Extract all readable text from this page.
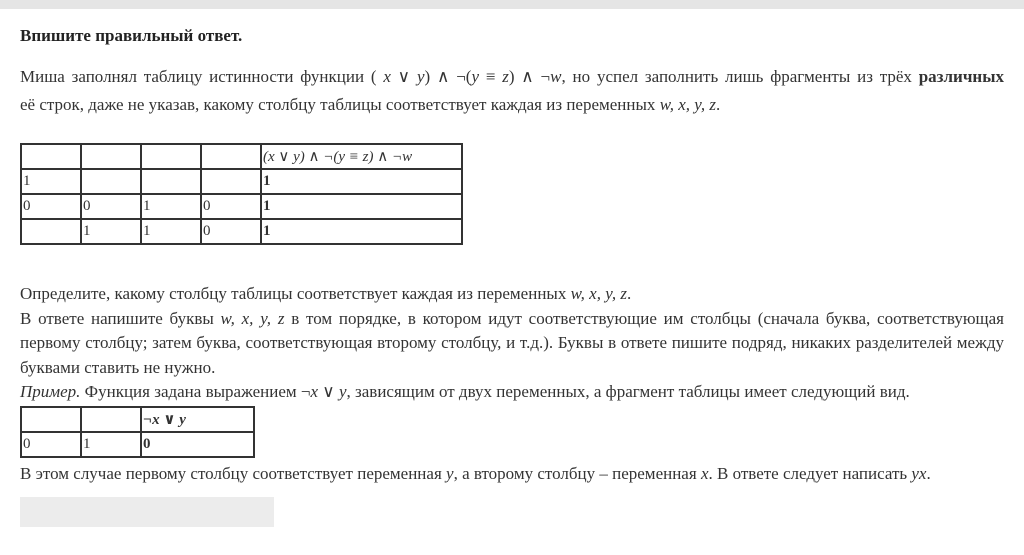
Впишите правильный ответ.
Миша заполнял таблицу истинности функции ( x ∨ y) ∧ ¬(y ≡ z) ∧ ¬w, но успел заполнить лишь фрагменты из трёх различных
её строк, даже не указав, какому столбцу таблицы соответствует каждая из переменных w, x, y, z.
				(x ∨ y) ∧ ¬(y ≡ z) ∧ ¬w
1				1
0	0	1	0	1
	1	1	0	1
Определите, какому столбцу таблицы соответствует каждая из переменных w, x, y, z.
В ответе напишите буквы w, x, y, z в том порядке, в котором идут соответствующие им столбцы (сначала буква, соответствующая первому столбцу; затем буква, соответствующая второму столбцу, и т.д.). Буквы в ответе пишите подряд, никаких разделителей между буквами ставить не нужно.
Пример. Функция задана выражением ¬x ∨ y, зависящим от двух переменных, а фрагмент таблицы имеет следующий вид.
		¬x ∨ y
0	1	0
В этом случае первому столбцу соответствует переменная y, а второму столбцу – переменная x. В ответе следует написать yx.
